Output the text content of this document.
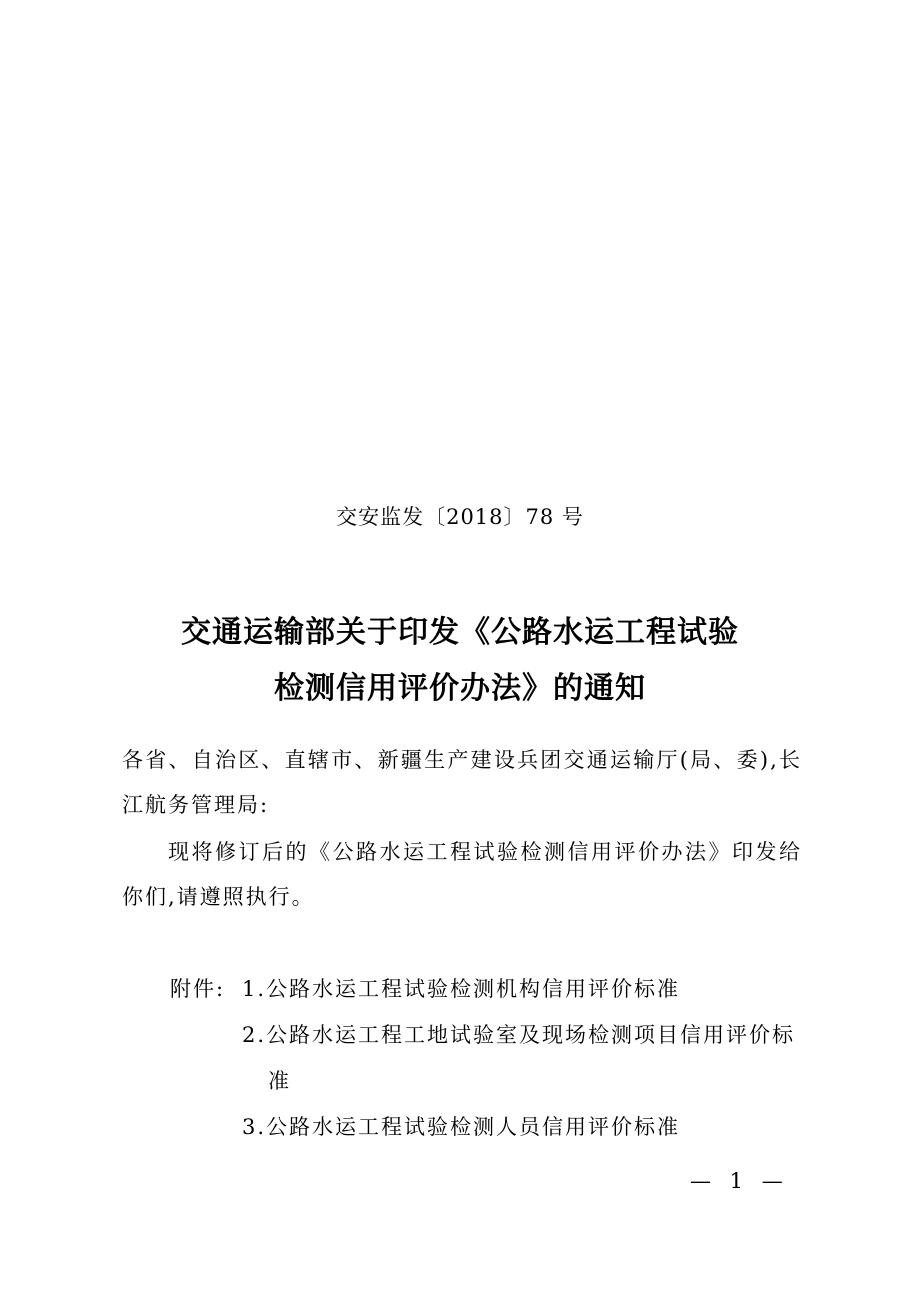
交安监发〔2018〕78 号
交通运输部关于印发《公路水运工程试验
检测信用评价办法》的通知
各省、自治区、直辖市、新疆生产建设兵团交通运输厅(局、委),长江航务管理局:
现将修订后的《公路水运工程试验检测信用评价办法》印发给你们,请遵照执行。
附件: 1.公路水运工程试验检测机构信用评价标准
2.公路水运工程工地试验室及现场检测项目信用评价标准
3.公路水运工程试验检测人员信用评价标准
— 1 —
